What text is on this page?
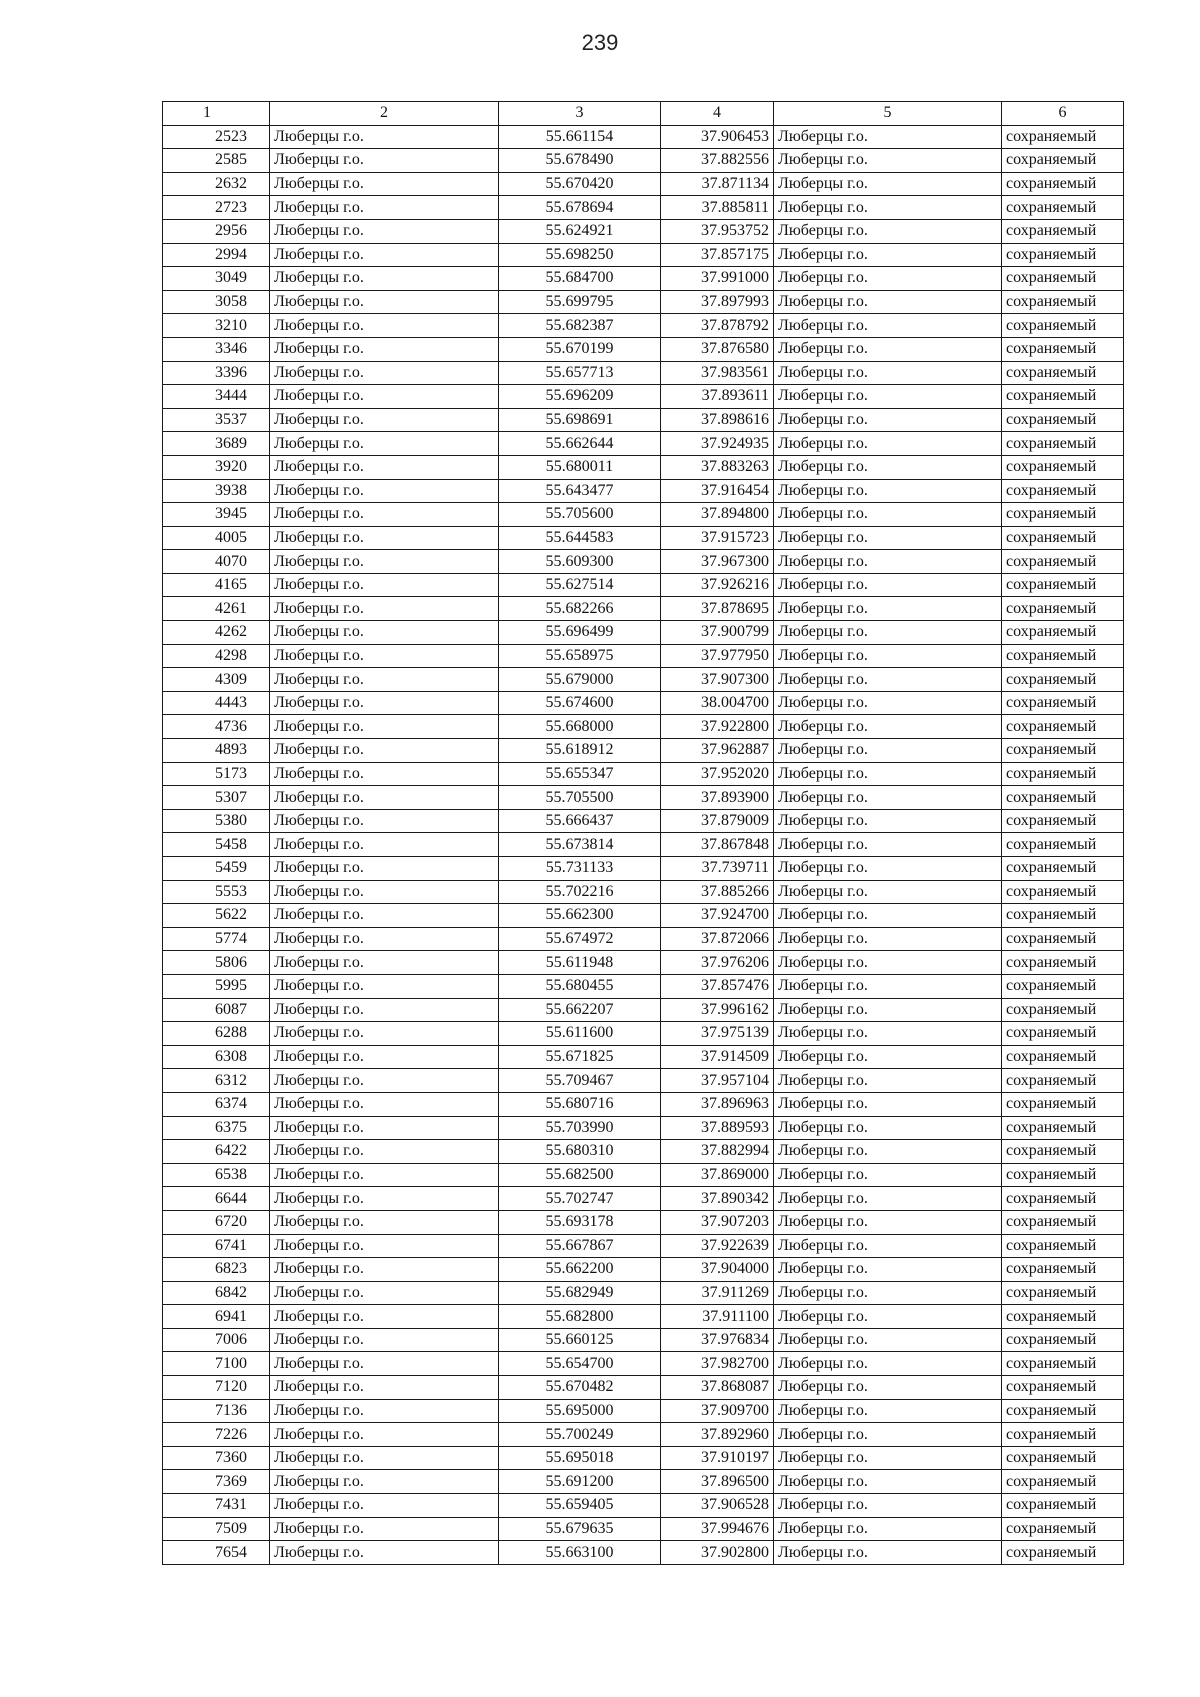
239
1	2	3	4	5	6
2523	Люберцы г.о.	55.661154	37.906453	Люберцы г.о.	сохраняемый
2585	Люберцы г.о.	55.678490	37.882556	Люберцы г.о.	сохраняемый
2632	Люберцы г.о.	55.670420	37.871134	Люберцы г.о.	сохраняемый
2723	Люберцы г.о.	55.678694	37.885811	Люберцы г.о.	сохраняемый
2956	Люберцы г.о.	55.624921	37.953752	Люберцы г.о.	сохраняемый
2994	Люберцы г.о.	55.698250	37.857175	Люберцы г.о.	сохраняемый
3049	Люберцы г.о.	55.684700	37.991000	Люберцы г.о.	сохраняемый
3058	Люберцы г.о.	55.699795	37.897993	Люберцы г.о.	сохраняемый
3210	Люберцы г.о.	55.682387	37.878792	Люберцы г.о.	сохраняемый
3346	Люберцы г.о.	55.670199	37.876580	Люберцы г.о.	сохраняемый
3396	Люберцы г.о.	55.657713	37.983561	Люберцы г.о.	сохраняемый
3444	Люберцы г.о.	55.696209	37.893611	Люберцы г.о.	сохраняемый
3537	Люберцы г.о.	55.698691	37.898616	Люберцы г.о.	сохраняемый
3689	Люберцы г.о.	55.662644	37.924935	Люберцы г.о.	сохраняемый
3920	Люберцы г.о.	55.680011	37.883263	Люберцы г.о.	сохраняемый
3938	Люберцы г.о.	55.643477	37.916454	Люберцы г.о.	сохраняемый
3945	Люберцы г.о.	55.705600	37.894800	Люберцы г.о.	сохраняемый
4005	Люберцы г.о.	55.644583	37.915723	Люберцы г.о.	сохраняемый
4070	Люберцы г.о.	55.609300	37.967300	Люберцы г.о.	сохраняемый
4165	Люберцы г.о.	55.627514	37.926216	Люберцы г.о.	сохраняемый
4261	Люберцы г.о.	55.682266	37.878695	Люберцы г.о.	сохраняемый
4262	Люберцы г.о.	55.696499	37.900799	Люберцы г.о.	сохраняемый
4298	Люберцы г.о.	55.658975	37.977950	Люберцы г.о.	сохраняемый
4309	Люберцы г.о.	55.679000	37.907300	Люберцы г.о.	сохраняемый
4443	Люберцы г.о.	55.674600	38.004700	Люберцы г.о.	сохраняемый
4736	Люберцы г.о.	55.668000	37.922800	Люберцы г.о.	сохраняемый
4893	Люберцы г.о.	55.618912	37.962887	Люберцы г.о.	сохраняемый
5173	Люберцы г.о.	55.655347	37.952020	Люберцы г.о.	сохраняемый
5307	Люберцы г.о.	55.705500	37.893900	Люберцы г.о.	сохраняемый
5380	Люберцы г.о.	55.666437	37.879009	Люберцы г.о.	сохраняемый
5458	Люберцы г.о.	55.673814	37.867848	Люберцы г.о.	сохраняемый
5459	Люберцы г.о.	55.731133	37.739711	Люберцы г.о.	сохраняемый
5553	Люберцы г.о.	55.702216	37.885266	Люберцы г.о.	сохраняемый
5622	Люберцы г.о.	55.662300	37.924700	Люберцы г.о.	сохраняемый
5774	Люберцы г.о.	55.674972	37.872066	Люберцы г.о.	сохраняемый
5806	Люберцы г.о.	55.611948	37.976206	Люберцы г.о.	сохраняемый
5995	Люберцы г.о.	55.680455	37.857476	Люберцы г.о.	сохраняемый
6087	Люберцы г.о.	55.662207	37.996162	Люберцы г.о.	сохраняемый
6288	Люберцы г.о.	55.611600	37.975139	Люберцы г.о.	сохраняемый
6308	Люберцы г.о.	55.671825	37.914509	Люберцы г.о.	сохраняемый
6312	Люберцы г.о.	55.709467	37.957104	Люберцы г.о.	сохраняемый
6374	Люберцы г.о.	55.680716	37.896963	Люберцы г.о.	сохраняемый
6375	Люберцы г.о.	55.703990	37.889593	Люберцы г.о.	сохраняемый
6422	Люберцы г.о.	55.680310	37.882994	Люберцы г.о.	сохраняемый
6538	Люберцы г.о.	55.682500	37.869000	Люберцы г.о.	сохраняемый
6644	Люберцы г.о.	55.702747	37.890342	Люберцы г.о.	сохраняемый
6720	Люберцы г.о.	55.693178	37.907203	Люберцы г.о.	сохраняемый
6741	Люберцы г.о.	55.667867	37.922639	Люберцы г.о.	сохраняемый
6823	Люберцы г.о.	55.662200	37.904000	Люберцы г.о.	сохраняемый
6842	Люберцы г.о.	55.682949	37.911269	Люберцы г.о.	сохраняемый
6941	Люберцы г.о.	55.682800	37.911100	Люберцы г.о.	сохраняемый
7006	Люберцы г.о.	55.660125	37.976834	Люберцы г.о.	сохраняемый
7100	Люберцы г.о.	55.654700	37.982700	Люберцы г.о.	сохраняемый
7120	Люберцы г.о.	55.670482	37.868087	Люберцы г.о.	сохраняемый
7136	Люберцы г.о.	55.695000	37.909700	Люберцы г.о.	сохраняемый
7226	Люберцы г.о.	55.700249	37.892960	Люберцы г.о.	сохраняемый
7360	Люберцы г.о.	55.695018	37.910197	Люберцы г.о.	сохраняемый
7369	Люберцы г.о.	55.691200	37.896500	Люберцы г.о.	сохраняемый
7431	Люберцы г.о.	55.659405	37.906528	Люберцы г.о.	сохраняемый
7509	Люберцы г.о.	55.679635	37.994676	Люберцы г.о.	сохраняемый
7654	Люберцы г.о.	55.663100	37.902800	Люберцы г.о.	сохраняемый
